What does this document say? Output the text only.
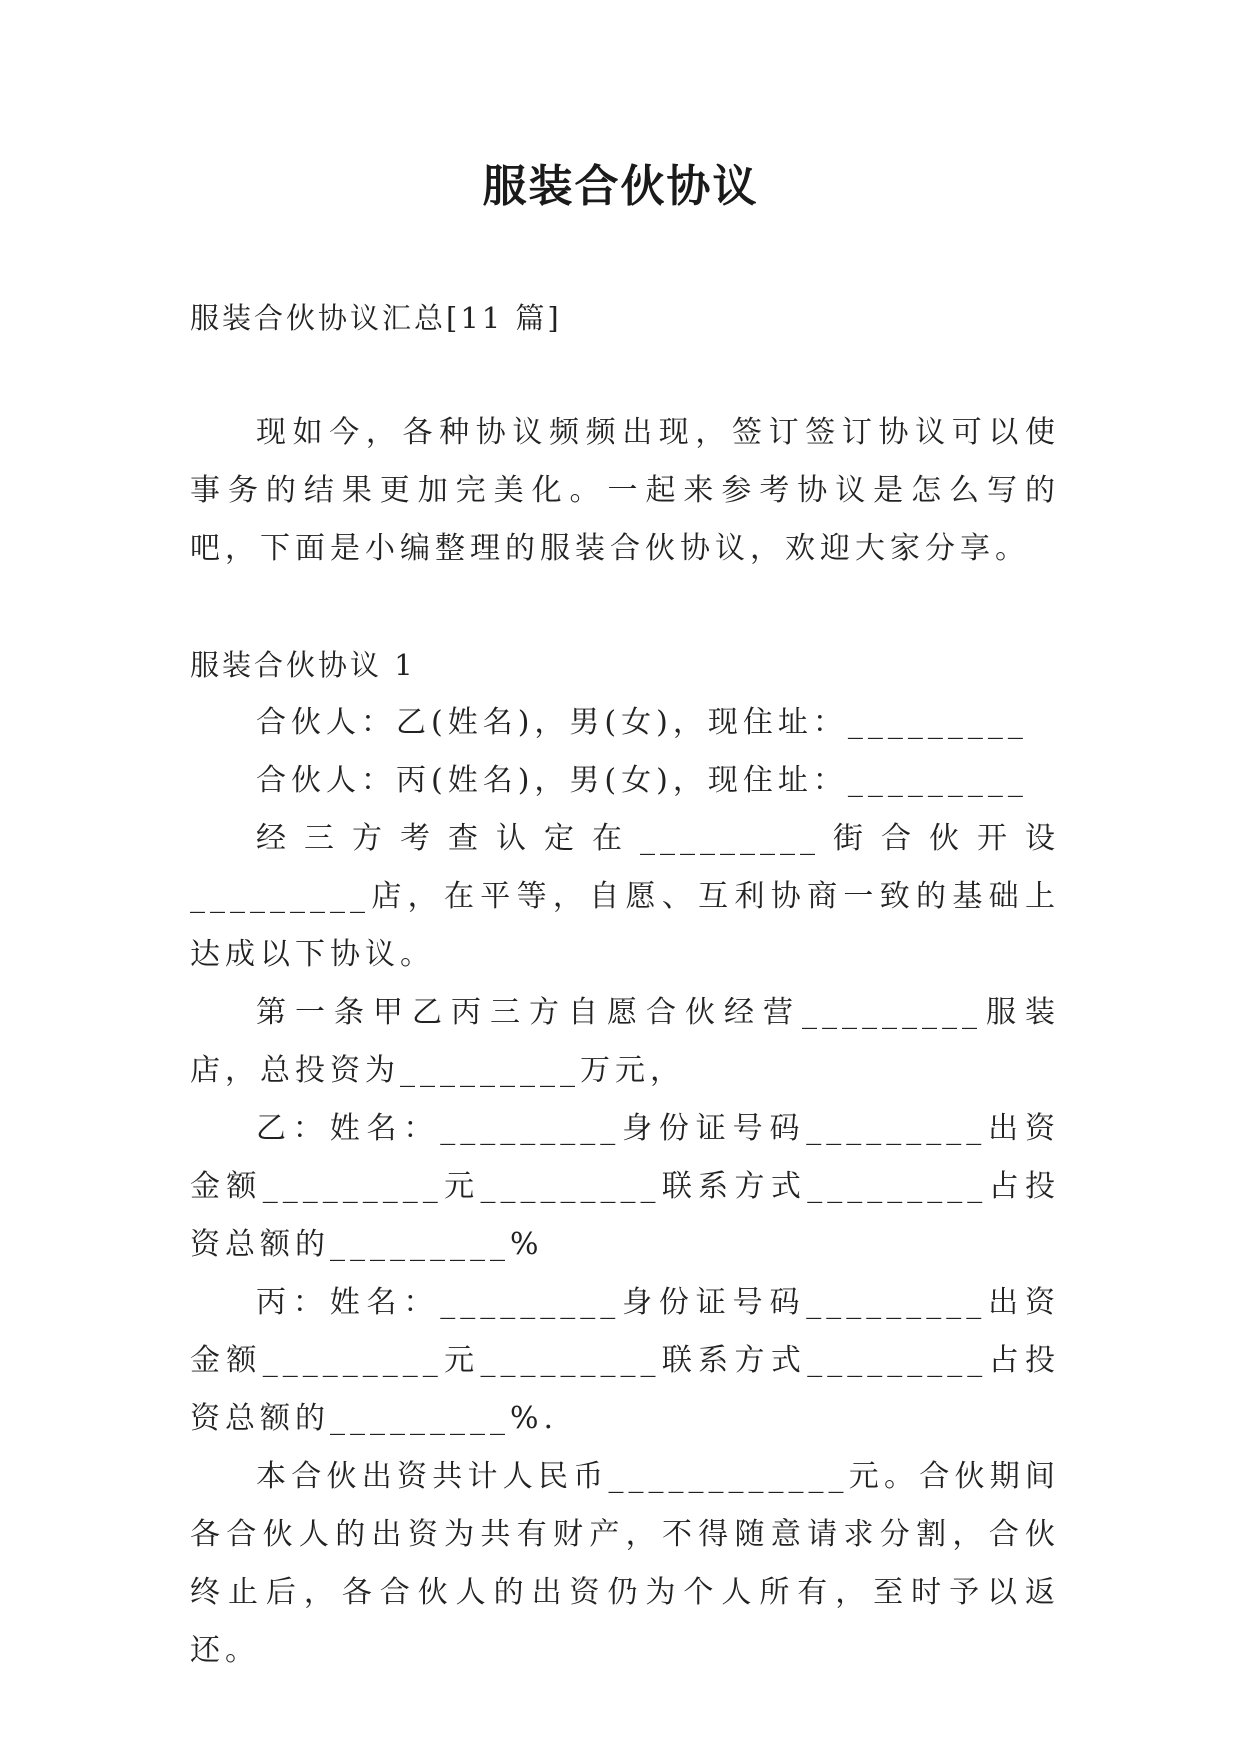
服装合伙协议
服装合伙协议汇总[11 篇]

现如今，各种协议频频出现，签订签订协议可以使事务的结果更加完美化。一起来参考协议是怎么写的吧，下面是小编整理的服装合伙协议，欢迎大家分享。

服装合伙协议 1

合伙人：乙(姓名)，男(女)，现住址：_________

合伙人：丙(姓名)，男(女)，现住址：_________

经三方考查认定在_________街合伙开设_________店，在平等，自愿、互利协商一致的基础上达成以下协议。

第一条甲乙丙三方自愿合伙经营_________服装店，总投资为_________万元，

乙：姓名：_________身份证号码_________出资金额_________元_________联系方式_________占投资总额的_________%

丙：姓名：_________身份证号码_________出资金额_________元_________联系方式_________占投资总额的_________%.

本合伙出资共计人民币____________元。合伙期间各合伙人的出资为共有财产，不得随意请求分割，合伙终止后，各合伙人的出资仍为个人所有，至时予以返还。
